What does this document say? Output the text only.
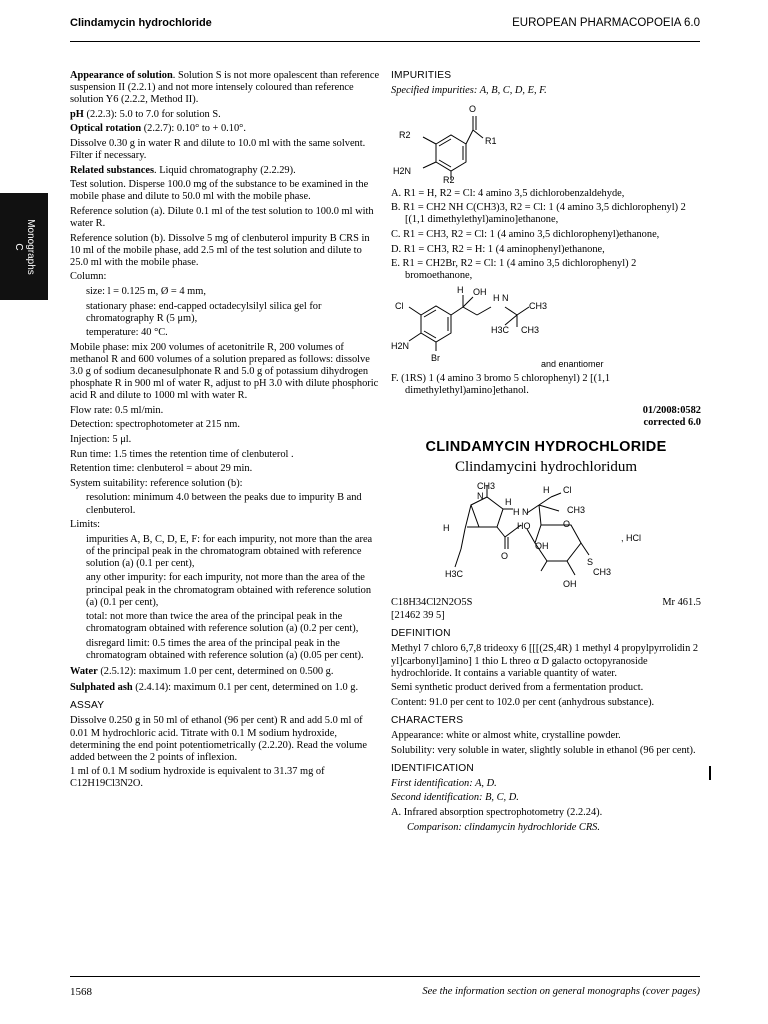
Clindamycin hydrochloride	EUROPEAN PHARMACOPOEIA 6.0
Monographs
C

Appearance of solution. Solution S is not more opalescent than reference suspension II (2.2.1) and not more intensely coloured than reference solution Y6 (2.2.2, Method II).

pH (2.2.3): 5.0 to 7.0 for solution S.

Optical rotation (2.2.7): 0.10° to + 0.10°.

Dissolve 0.30 g in water R and dilute to 10.0 ml with the same solvent. Filter if necessary.

Related substances. Liquid chromatography (2.2.29).

Test solution. Disperse 100.0 mg of the substance to be examined in the mobile phase and dilute to 50.0 ml with the mobile phase.

Reference solution (a). Dilute 0.1 ml of the test solution to 100.0 ml with water R.

Reference solution (b). Dissolve 5 mg of clenbuterol impurity B CRS in 10 ml of the mobile phase, add 2.5 ml of the test solution and dilute to 25.0 ml with the mobile phase.

Column:

size: l = 0.125 m, Ø = 4 mm,

stationary phase: end-capped octadecylsilyl silica gel for chromatography R (5 μm),

temperature: 40 °C.

Mobile phase: mix 200 volumes of acetonitrile R, 200 volumes of methanol R and 600 volumes of a solution prepared as follows: dissolve 3.0 g of sodium decanesulphonate R and 5.0 g of potassium dihydrogen phosphate R in 900 ml of water R, adjust to pH 3.0 with dilute phosphoric acid R and dilute to 1000 ml with water R.

Flow rate: 0.5 ml/min.

Detection: spectrophotometer at 215 nm.

Injection: 5 μl.

Run time: 1.5 times the retention time of clenbuterol .

Retention time: clenbuterol = about 29 min.

System suitability: reference solution (b):

resolution: minimum 4.0 between the peaks due to impurity B and clenbuterol.

Limits:

impurities A, B, C, D, E, F: for each impurity, not more than the area of the principal peak in the chromatogram obtained with reference solution (a) (0.1 per cent),

any other impurity: for each impurity, not more than the area of the principal peak in the chromatogram obtained with reference solution (a) (0.1 per cent),

total: not more than twice the area of the principal peak in the chromatogram obtained with reference solution (a) (0.2 per cent),

disregard limit: 0.5 times the area of the principal peak in the chromatogram obtained with reference solution (a) (0.05 per cent).

Water (2.5.12): maximum 1.0 per cent, determined on 0.500 g.

Sulphated ash (2.4.14): maximum 0.1 per cent, determined on 1.0 g.

ASSAY

Dissolve 0.250 g in 50 ml of ethanol (96 per cent) R and add 5.0 ml of 0.01 M hydrochloric acid. Titrate with 0.1 M sodium hydroxide, determining the end point potentiometrically (2.2.20). Read the volume added between the 2 points of inflexion.

1 ml of 0.1 M sodium hydroxide is equivalent to 31.37 mg of C12H19Cl3N2O.

IMPURITIES

Specified impurities: A, B, C, D, E, F.

O
R1
R2
H2N
R2

A. R1 = H, R2 = Cl: 4 amino 3,5 dichlorobenzaldehyde,

B. R1 = CH2 NH C(CH3)3, R2 = Cl: 1 (4 amino 3,5 dichlorophenyl) 2 [(1,1 dimethylethyl)amino]ethanone,

C. R1 = CH3, R2 = Cl: 1 (4 amino 3,5 dichlorophenyl)ethanone,

D. R1 = CH3, R2 = H: 1 (4 aminophenyl)ethanone,

E. R1 = CH2Br, R2 = Cl: 1 (4 amino 3,5 dichlorophenyl) 2 bromoethanone,

H OH
H N
Cl	CH3
H3C CH3
H2N
Br
and enantiomer

F. (1RS) 1 (4 amino 3 bromo 5 chlorophenyl) 2 [(1,1 dimethylethyl)amino]ethanol.

01/2008:0582
corrected 6.0
CLINDAMYCIN HYDROCHLORIDE
Clindamycini hydrochloridum
CH3
N
H
H N
H Cl
CH3
H	HO	O
O
OH
S
CH3
OH
H3C
, HCl
C18H34Cl2N2O5S	Mr 461.5

[21462 39 5]

DEFINITION

Methyl 7 chloro 6,7,8 trideoxy 6 [[[(2S,4R) 1 methyl 4 propylpyrrolidin 2 yl]carbonyl]amino] 1 thio L threo α D galacto octopyranoside hydrochloride. It contains a variable quantity of water.

Semi synthetic product derived from a fermentation product.

Content: 91.0 per cent to 102.0 per cent (anhydrous substance).

CHARACTERS

Appearance: white or almost white, crystalline powder.

Solubility: very soluble in water, slightly soluble in ethanol (96 per cent).

IDENTIFICATION

First identification: A, D.

Second identification: B, C, D.

A. Infrared absorption spectrophotometry (2.2.24).

Comparison: clindamycin hydrochloride CRS.

1568	See the information section on general monographs (cover pages)
